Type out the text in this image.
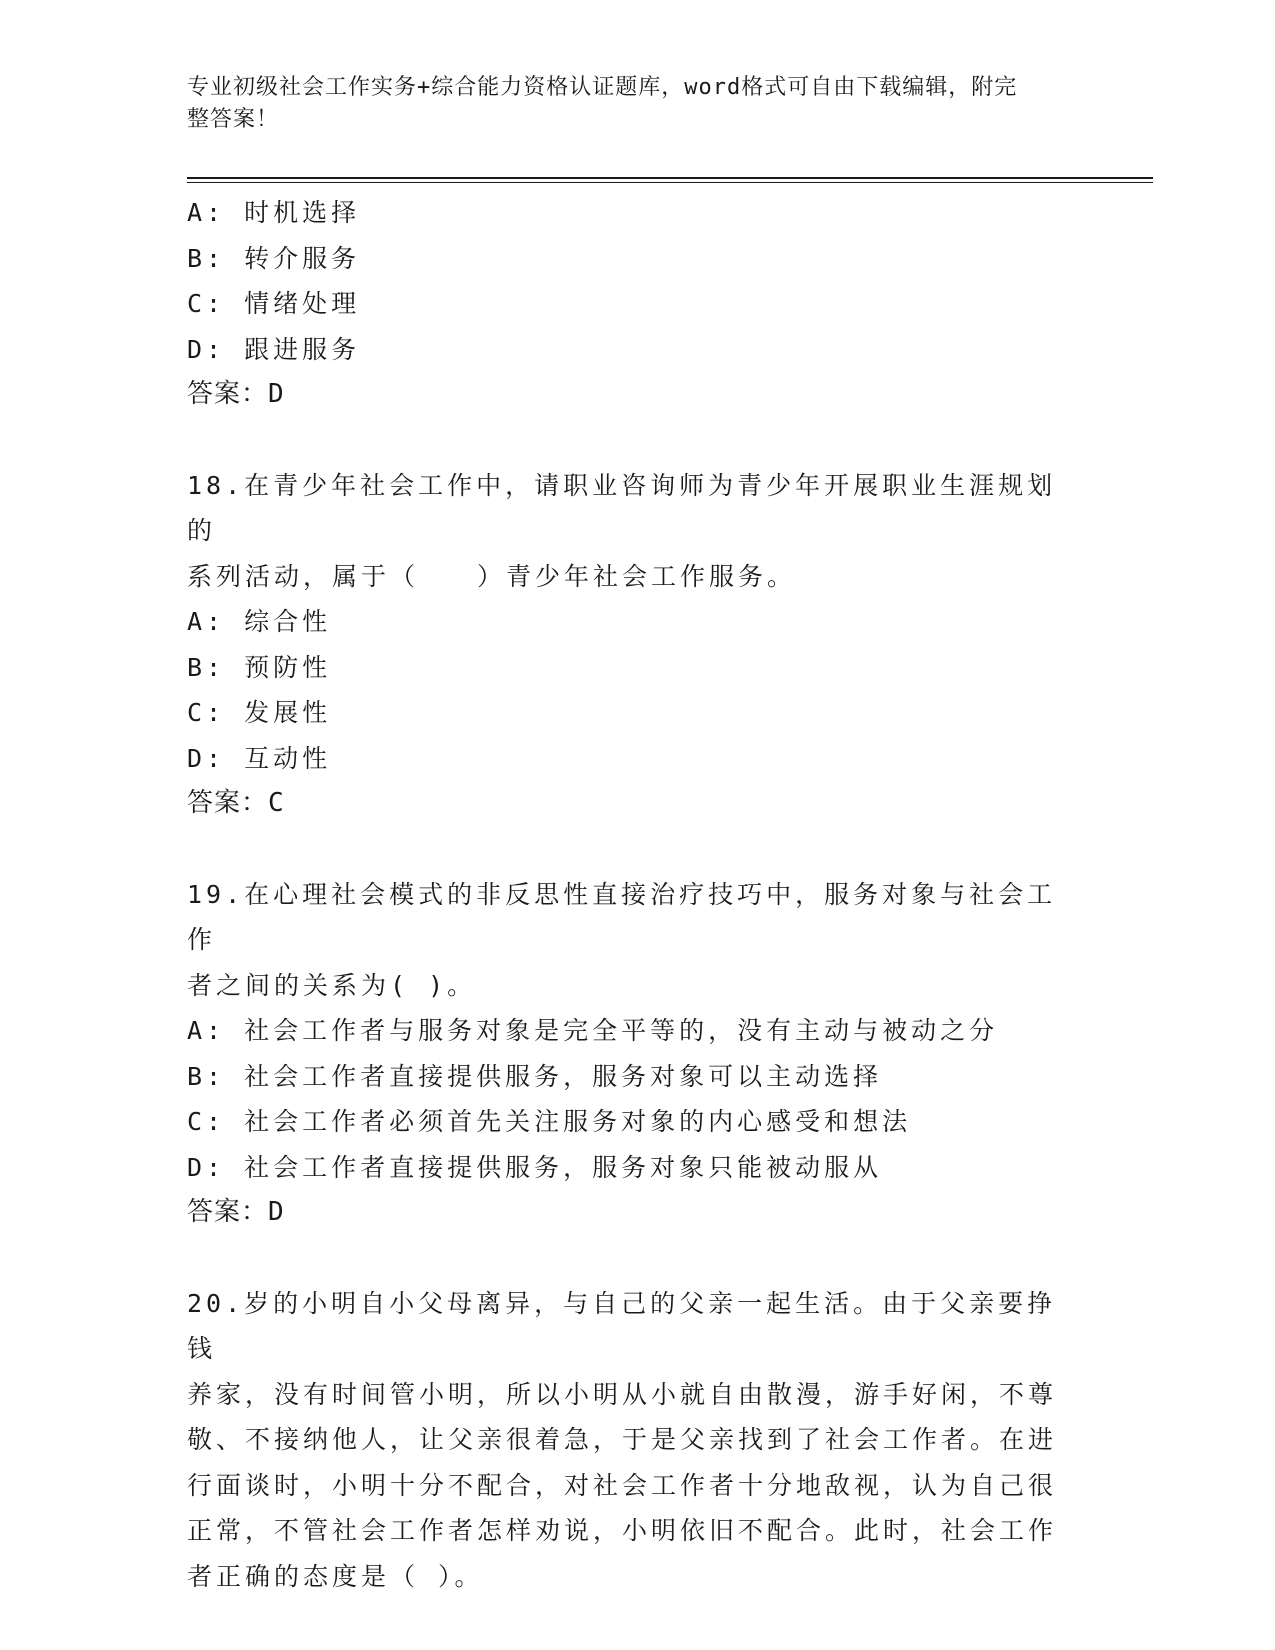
专业初级社会工作实务+综合能力资格认证题库，word格式可自由下载编辑，附完
整答案！
A: 时机选择
B: 转介服务
C: 情绪处理
D: 跟进服务
答案：D
18.在青少年社会工作中，请职业咨询师为青少年开展职业生涯规划的
系列活动，属于（　　）青少年社会工作服务。
A: 综合性
B: 预防性
C: 发展性
D: 互动性
答案：C
19.在心理社会模式的非反思性直接治疗技巧中，服务对象与社会工作
者之间的关系为( )。
A: 社会工作者与服务对象是完全平等的，没有主动与被动之分
B: 社会工作者直接提供服务，服务对象可以主动选择
C: 社会工作者必须首先关注服务对象的内心感受和想法
D: 社会工作者直接提供服务，服务对象只能被动服从
答案：D
20.岁的小明自小父母离异，与自己的父亲一起生活。由于父亲要挣钱
养家，没有时间管小明，所以小明从小就自由散漫，游手好闲，不尊
敬、不接纳他人，让父亲很着急，于是父亲找到了社会工作者。在进
行面谈时，小明十分不配合，对社会工作者十分地敌视，认为自己很
正常，不管社会工作者怎样劝说，小明依旧不配合。此时，社会工作
者正确的态度是（ ）。
